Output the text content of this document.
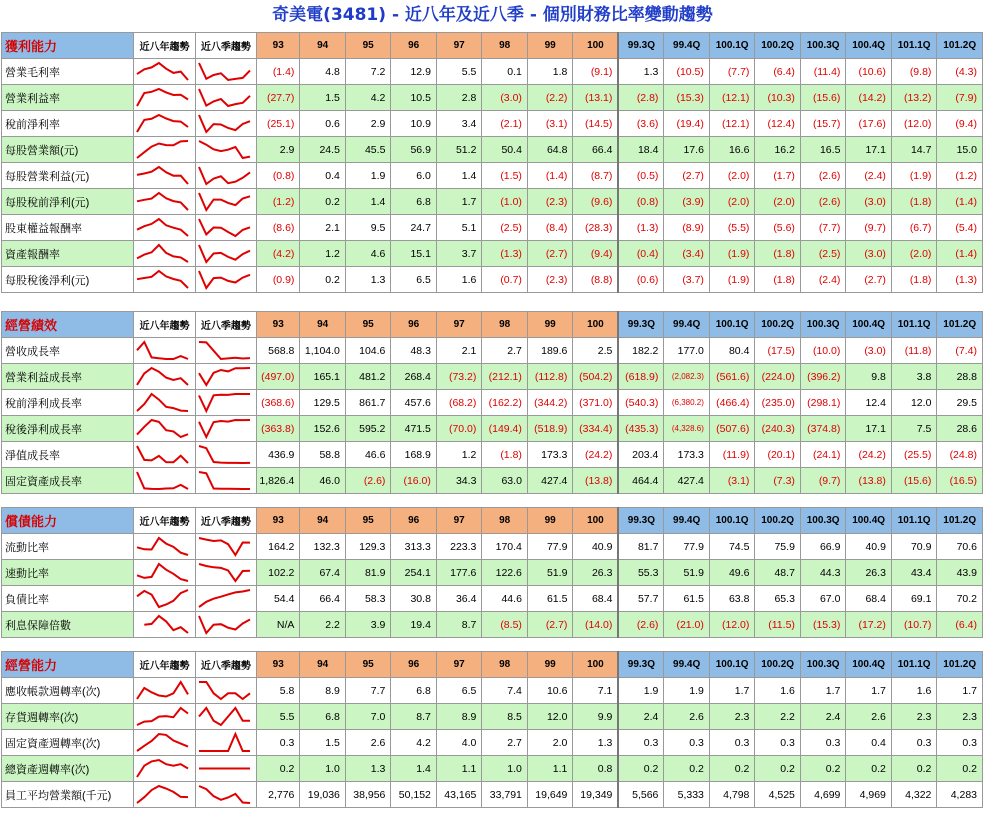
奇美電(3481) - 近八年及近八季 - 個別財務比率變動趨勢
獲利能力	近八年趨勢	近八季趨勢	93	94	95	96	97	98	99	100	99.3Q	99.4Q	100.1Q	100.2Q	100.3Q	100.4Q	101.1Q	101.2Q
營業毛利率			(1.4)	4.8	7.2	12.9	5.5	0.1	1.8	(9.1)	1.3	(10.5)	(7.7)	(6.4)	(11.4)	(10.6)	(9.8)	(4.3)
營業利益率			(27.7)	1.5	4.2	10.5	2.8	(3.0)	(2.2)	(13.1)	(2.8)	(15.3)	(12.1)	(10.3)	(15.6)	(14.2)	(13.2)	(7.9)
稅前淨利率			(25.1)	0.6	2.9	10.9	3.4	(2.1)	(3.1)	(14.5)	(3.6)	(19.4)	(12.1)	(12.4)	(15.7)	(17.6)	(12.0)	(9.4)
每股營業額(元)			2.9	24.5	45.5	56.9	51.2	50.4	64.8	66.4	18.4	17.6	16.6	16.2	16.5	17.1	14.7	15.0
每股營業利益(元)			(0.8)	0.4	1.9	6.0	1.4	(1.5)	(1.4)	(8.7)	(0.5)	(2.7)	(2.0)	(1.7)	(2.6)	(2.4)	(1.9)	(1.2)
每股稅前淨利(元)			(1.2)	0.2	1.4	6.8	1.7	(1.0)	(2.3)	(9.6)	(0.8)	(3.9)	(2.0)	(2.0)	(2.6)	(3.0)	(1.8)	(1.4)
股東權益報酬率			(8.6)	2.1	9.5	24.7	5.1	(2.5)	(8.4)	(28.3)	(1.3)	(8.9)	(5.5)	(5.6)	(7.7)	(9.7)	(6.7)	(5.4)
資產報酬率			(4.2)	1.2	4.6	15.1	3.7	(1.3)	(2.7)	(9.4)	(0.4)	(3.4)	(1.9)	(1.8)	(2.5)	(3.0)	(2.0)	(1.4)
每股稅後淨利(元)			(0.9)	0.2	1.3	6.5	1.6	(0.7)	(2.3)	(8.8)	(0.6)	(3.7)	(1.9)	(1.8)	(2.4)	(2.7)	(1.8)	(1.3)
經營績效	近八年趨勢	近八季趨勢	93	94	95	96	97	98	99	100	99.3Q	99.4Q	100.1Q	100.2Q	100.3Q	100.4Q	101.1Q	101.2Q
營收成長率			568.8	1,104.0	104.6	48.3	2.1	2.7	189.6	2.5	182.2	177.0	80.4	(17.5)	(10.0)	(3.0)	(11.8)	(7.4)
營業利益成長率			(497.0)	165.1	481.2	268.4	(73.2)	(212.1)	(112.8)	(504.2)	(618.9)	(2,082.3)	(561.6)	(224.0)	(396.2)	9.8	3.8	28.8
稅前淨利成長率			(368.6)	129.5	861.7	457.6	(68.2)	(162.2)	(344.2)	(371.0)	(540.3)	(6,380.2)	(466.4)	(235.0)	(298.1)	12.4	12.0	29.5
稅後淨利成長率			(363.8)	152.6	595.2	471.5	(70.0)	(149.4)	(518.9)	(334.4)	(435.3)	(4,328.6)	(507.6)	(240.3)	(374.8)	17.1	7.5	28.6
淨值成長率			436.9	58.8	46.6	168.9	1.2	(1.8)	173.3	(24.2)	203.4	173.3	(11.9)	(20.1)	(24.1)	(24.2)	(25.5)	(24.8)
固定資產成長率			1,826.4	46.0	(2.6)	(16.0)	34.3	63.0	427.4	(13.8)	464.4	427.4	(3.1)	(7.3)	(9.7)	(13.8)	(15.6)	(16.5)
償債能力	近八年趨勢	近八季趨勢	93	94	95	96	97	98	99	100	99.3Q	99.4Q	100.1Q	100.2Q	100.3Q	100.4Q	101.1Q	101.2Q
流動比率			164.2	132.3	129.3	313.3	223.3	170.4	77.9	40.9	81.7	77.9	74.5	75.9	66.9	40.9	70.9	70.6
速動比率			102.2	67.4	81.9	254.1	177.6	122.6	51.9	26.3	55.3	51.9	49.6	48.7	44.3	26.3	43.4	43.9
負債比率			54.4	66.4	58.3	30.8	36.4	44.6	61.5	68.4	57.7	61.5	63.8	65.3	67.0	68.4	69.1	70.2
利息保障倍數			N/A	2.2	3.9	19.4	8.7	(8.5)	(2.7)	(14.0)	(2.6)	(21.0)	(12.0)	(11.5)	(15.3)	(17.2)	(10.7)	(6.4)
經營能力	近八年趨勢	近八季趨勢	93	94	95	96	97	98	99	100	99.3Q	99.4Q	100.1Q	100.2Q	100.3Q	100.4Q	101.1Q	101.2Q
應收帳款週轉率(次)			5.8	8.9	7.7	6.8	6.5	7.4	10.6	7.1	1.9	1.9	1.7	1.6	1.7	1.7	1.6	1.7
存貨週轉率(次)			5.5	6.8	7.0	8.7	8.9	8.5	12.0	9.9	2.4	2.6	2.3	2.2	2.4	2.6	2.3	2.3
固定資產週轉率(次)			0.3	1.5	2.6	4.2	4.0	2.7	2.0	1.3	0.3	0.3	0.3	0.3	0.3	0.4	0.3	0.3
總資產週轉率(次)			0.2	1.0	1.3	1.4	1.1	1.0	1.1	0.8	0.2	0.2	0.2	0.2	0.2	0.2	0.2	0.2
員工平均營業額(千元)			2,776	19,036	38,956	50,152	43,165	33,791	19,649	19,349	5,566	5,333	4,798	4,525	4,699	4,969	4,322	4,283
